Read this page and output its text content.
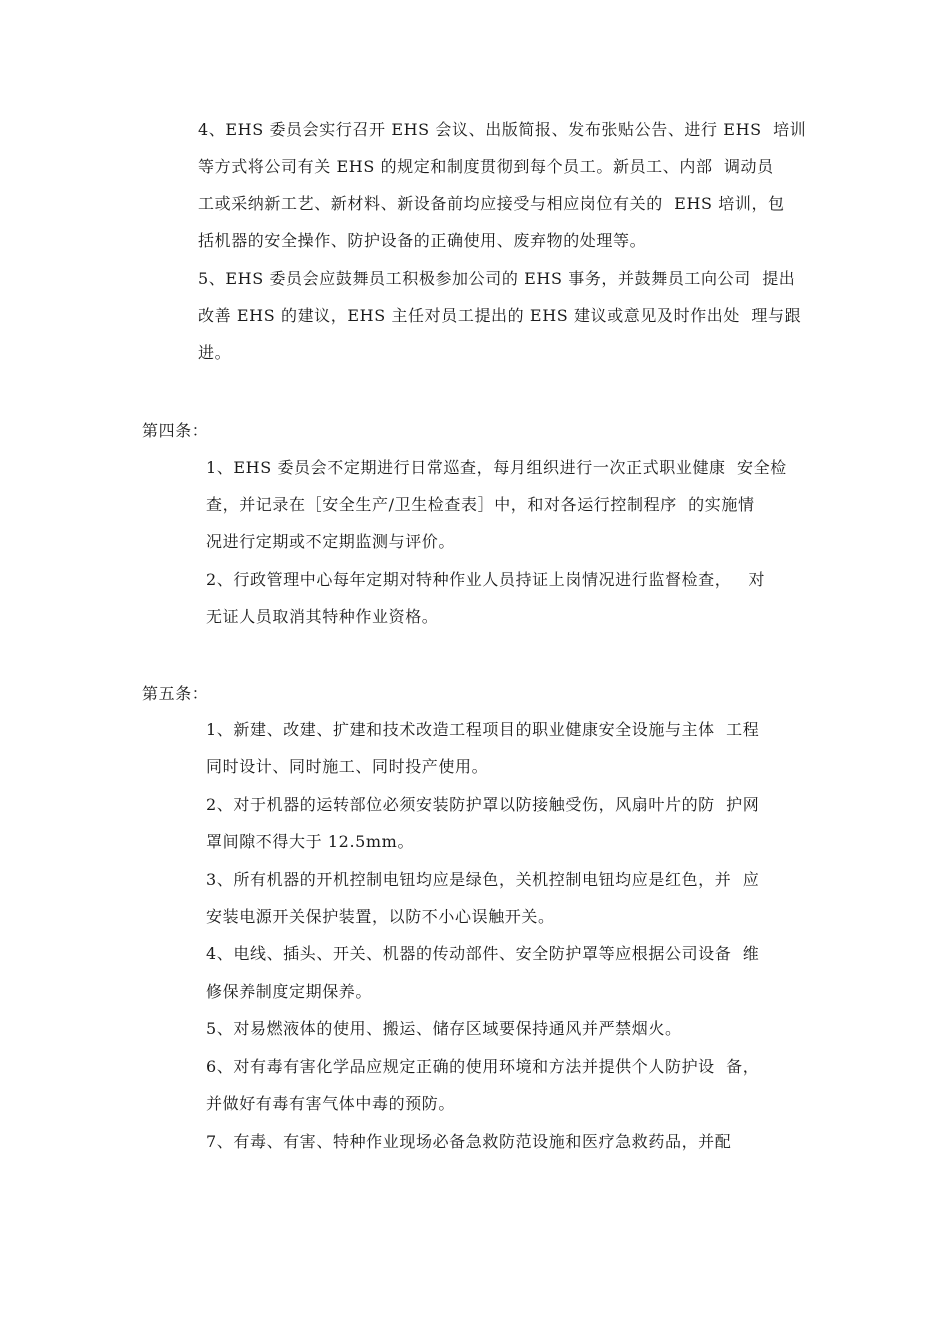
4、EHS 委员会实行召开 EHS 会议、出版简报、发布张贴公告、进行 EHS  培训
等方式将公司有关 EHS 的规定和制度贯彻到每个员工。新员工、内部  调动员
工或采纳新工艺、新材料、新设备前均应接受与相应岗位有关的  EHS 培训，包
括机器的安全操作、防护设备的正确使用、废弃物的处理等。
5、EHS 委员会应鼓舞员工积极参加公司的 EHS 事务，并鼓舞员工向公司  提出
改善 EHS 的建议，EHS 主任对员工提出的 EHS 建议或意见及时作出处  理与跟
进。
第四条：
1、EHS 委员会不定期进行日常巡查，每月组织进行一次正式职业健康  安全检
查，并记录在［安全生产/卫生检查表］中，和对各运行控制程序  的实施情
况进行定期或不定期监测与评价。
2、行政管理中心每年定期对特种作业人员持证上岗情况进行监督检查，   对
无证人员取消其特种作业资格。
第五条：
1、新建、改建、扩建和技术改造工程项目的职业健康安全设施与主体  工程
同时设计、同时施工、同时投产使用。
2、对于机器的运转部位必须安装防护罩以防接触受伤，风扇叶片的防  护网
罩间隙不得大于 12.5mm。
3、所有机器的开机控制电钮均应是绿色，关机控制电钮均应是红色，并  应
安装电源开关保护装置，以防不小心误触开关。
4、电线、插头、开关、机器的传动部件、安全防护罩等应根据公司设备  维
修保养制度定期保养。
5、对易燃液体的使用、搬运、储存区域要保持通风并严禁烟火。
6、对有毒有害化学品应规定正确的使用环境和方法并提供个人防护设  备，
并做好有毒有害气体中毒的预防。
7、有毒、有害、特种作业现场必备急救防范设施和医疗急救药品，并配
